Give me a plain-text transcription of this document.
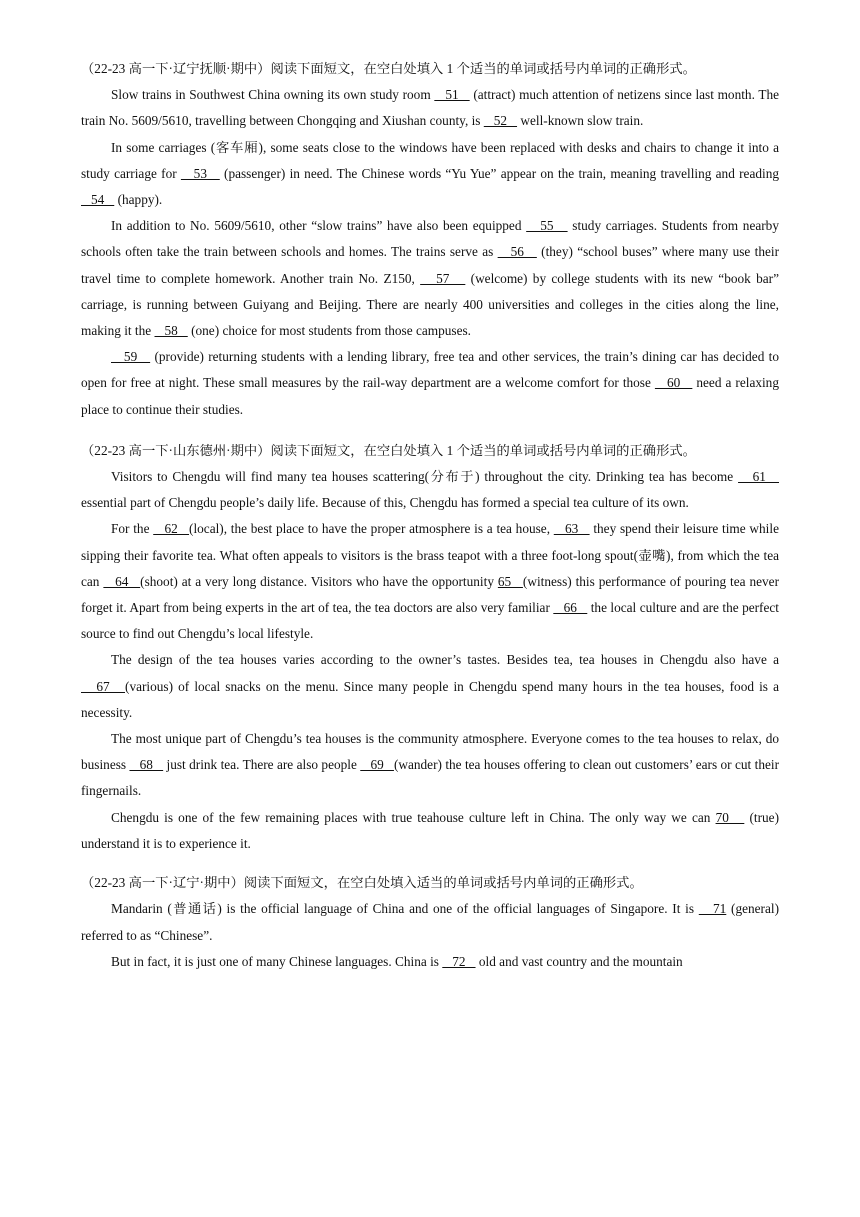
（22-23 高一下·辽宁抚顺·期中）阅读下面短文，在空白处填入 1 个适当的单词或括号内单词的正确形式。

Slow trains in Southwest China owning its own study room    51    (attract) much attention of netizens since last month. The train No. 5609/5610, travelling between Chongqing and Xiushan county, is    52    well-known slow train.

In some carriages (客车厢), some seats close to the windows have been replaced with desks and chairs to change it into a study carriage for    53    (passenger) in need. The Chinese words “Yu Yue” appear on the train, meaning travelling and reading    54    (happy).

In addition to No. 5609/5610, other “slow trains” have also been equipped    55    study carriages. Students from nearby schools often take the train between schools and homes. The trains serve as    56    (they) “school buses” where many use their travel time to complete homework. Another train No. Z150,    57    (welcome) by college students with its new “book bar” carriage, is running between Guiyang and Beijing. There are nearly 400 universities and colleges in the cities along the line, making it the    58    (one) choice for most students from those campuses.

59    (provide) returning students with a lending library, free tea and other services, the train’s dining car has decided to open for free at night. These small measures by the rail-way department are a welcome comfort for those    60    need a relaxing place to continue their studies.

（22-23 高一下·山东德州·期中）阅读下面短文，在空白处填入 1 个适当的单词或括号内单词的正确形式。

Visitors to Chengdu will find many tea houses scattering(分布于) throughout the city. Drinking tea has become    61    essential part of Chengdu people’s daily life. Because of this, Chengdu has formed a special tea culture of its own.

For the    62   (local), the best place to have the proper atmosphere is a tea house,    63    they spend their leisure time while sipping their favorite tea. What often appeals to visitors is the brass teapot with a three foot-long spout(壶嘴), from which the tea can    64   (shoot) at a very long distance. Visitors who have the opportunity 65   (witness) this performance of pouring tea never forget it. Apart from being experts in the art of tea, the tea doctors are also very familiar    66    the local culture and are the perfect source to find out Chengdu’s local lifestyle.

The design of the tea houses varies according to the owner’s tastes. Besides tea, tea houses in Chengdu also have a    67   (various) of local snacks on the menu. Since many people in Chengdu spend many hours in the tea houses, food is a necessity.

The most unique part of Chengdu’s tea houses is the community atmosphere. Everyone comes to the tea houses to relax, do business    68    just drink tea. There are also people    69   (wander) the tea houses offering to clean out customers’ ears or cut their fingernails.

Chengdu is one of the few remaining places with true teahouse culture left in China. The only way we can 70    (true) understand it is to experience it.

（22-23 高一下·辽宁·期中）阅读下面短文，在空白处填入适当的单词或括号内单词的正确形式。

Mandarin (普通话) is the official language of China and one of the official languages of Singapore. It is    71 (general) referred to as “Chinese”.

But in fact, it is just one of many Chinese languages. China is    72    old and vast country and the mountain
